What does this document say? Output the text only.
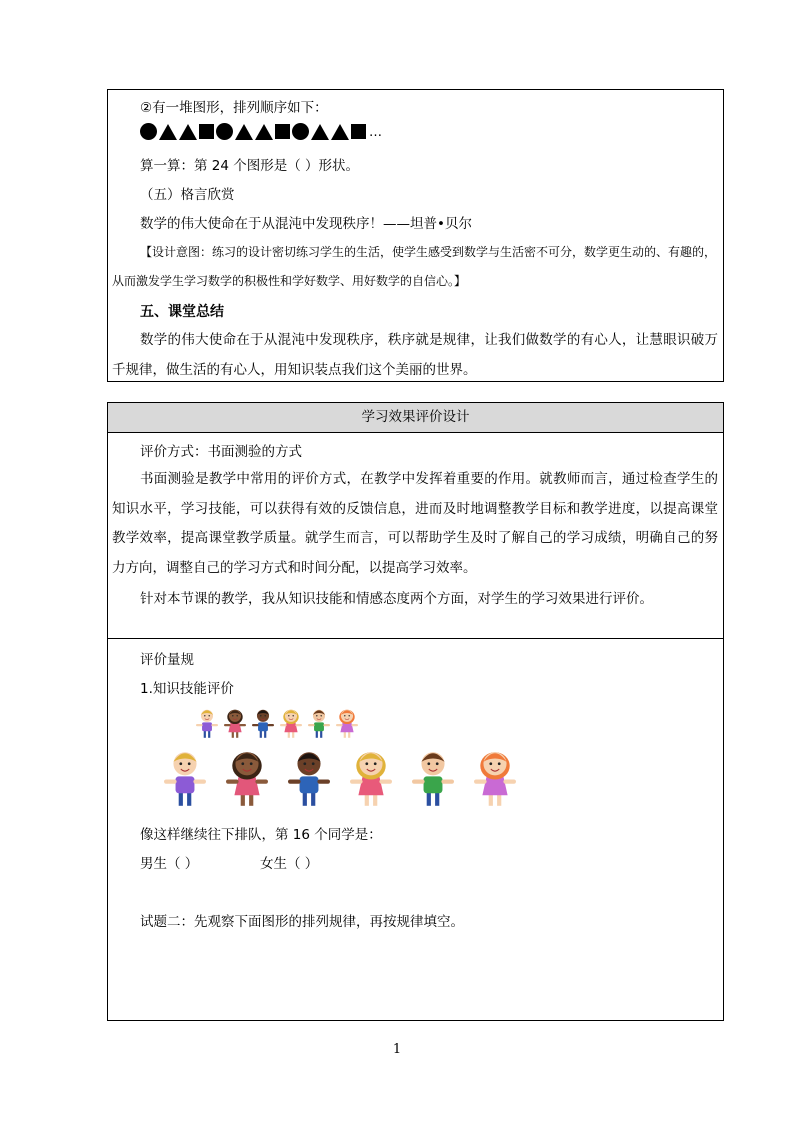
②有一堆图形，排列顺序如下：
…
算一算：第 24 个图形是（ ）形状。
（五）格言欣赏
数学的伟大使命在于从混沌中发现秩序！——坦普•贝尔
【设计意图：练习的设计密切练习学生的生活，使学生感受到数学与生活密不可分，数学更生动的、有趣的，从而激发学生学习数学的积极性和学好数学、用好数学的自信心。】
五、课堂总结
数学的伟大使命在于从混沌中发现秩序，秩序就是规律，让我们做数学的有心人，让慧眼识破万千规律，做生活的有心人，用知识装点我们这个美丽的世界。
学习效果评价设计
评价方式：书面测验的方式
书面测验是教学中常用的评价方式，在教学中发挥着重要的作用。就教师而言，通过检查学生的知识水平，学习技能，可以获得有效的反馈信息，进而及时地调整教学目标和教学进度，以提高课堂教学效率，提高课堂教学质量。就学生而言，可以帮助学生及时了解自己的学习成绩，明确自己的努力方向，调整自己的学习方式和时间分配，以提高学习效率。
针对本节课的教学，我从知识技能和情感态度两个方面，对学生的学习效果进行评价。
评价量规
1.知识技能评价
像这样继续往下排队，第 16 个同学是：
男生（ ）	女生（ ）
试题二：先观察下面图形的排列规律，再按规律填空。
1
